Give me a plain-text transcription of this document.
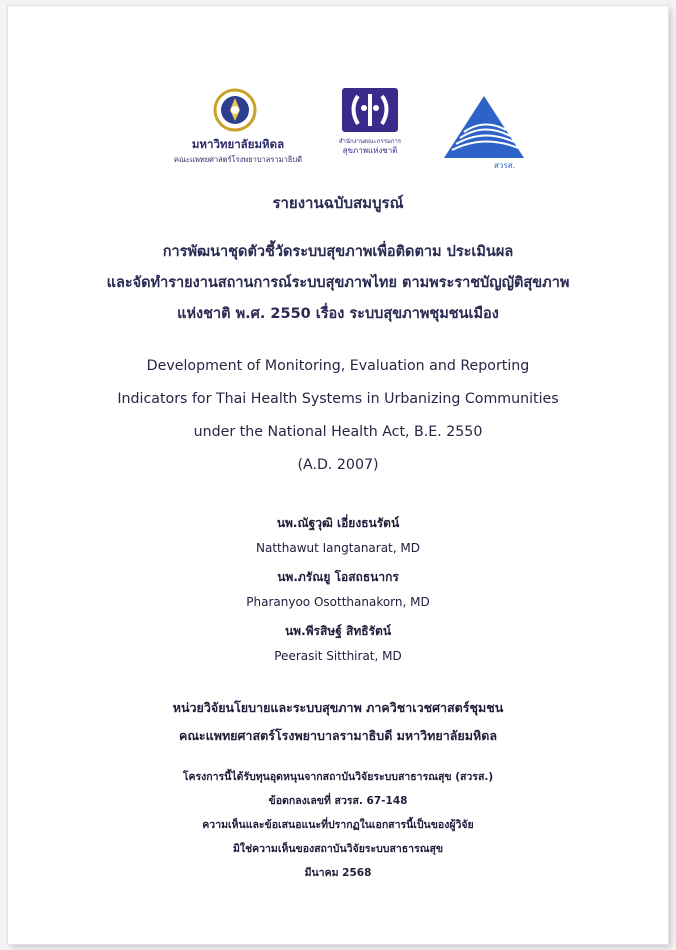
มหาวิทยาลัยมหิดล
คณะแพทยศาสตร์โรงพยาบาลรามาธิบดี
สำนักงานคณะกรรมการ
สุขภาพแห่งชาติ
สวรส.
รายงานฉบับสมบูรณ์
การพัฒนาชุดตัวชี้วัดระบบสุขภาพเพื่อติดตาม ประเมินผล
และจัดทำรายงานสถานการณ์ระบบสุขภาพไทย ตามพระราชบัญญัติสุขภาพ
แห่งชาติ พ.ศ. 2550 เรื่อง ระบบสุขภาพชุมชนเมือง
Development of Monitoring, Evaluation and Reporting
Indicators for Thai Health Systems in Urbanizing Communities
under the National Health Act, B.E. 2550
(A.D. 2007)
นพ.ณัฐวุฒิ เอี่ยงธนรัตน์
Natthawut Iangtanarat, MD
นพ.ภรัณยู โอสถธนากร
Pharanyoo Osotthanakorn, MD
นพ.พีรสิษฐ์ สิทธิรัตน์
Peerasit Sitthirat, MD
หน่วยวิจัยนโยบายและระบบสุขภาพ ภาควิชาเวชศาสตร์ชุมชน
คณะแพทยศาสตร์โรงพยาบาลรามาธิบดี มหาวิทยาลัยมหิดล
โครงการนี้ได้รับทุนอุดหนุนจากสถาบันวิจัยระบบสาธารณสุข (สวรส.)
ข้อตกลงเลขที่ สวรส. 67-148
ความเห็นและข้อเสนอแนะที่ปรากฏในเอกสารนี้เป็นของผู้วิจัย
มิใช่ความเห็นของสถาบันวิจัยระบบสาธารณสุข
มีนาคม 2568
